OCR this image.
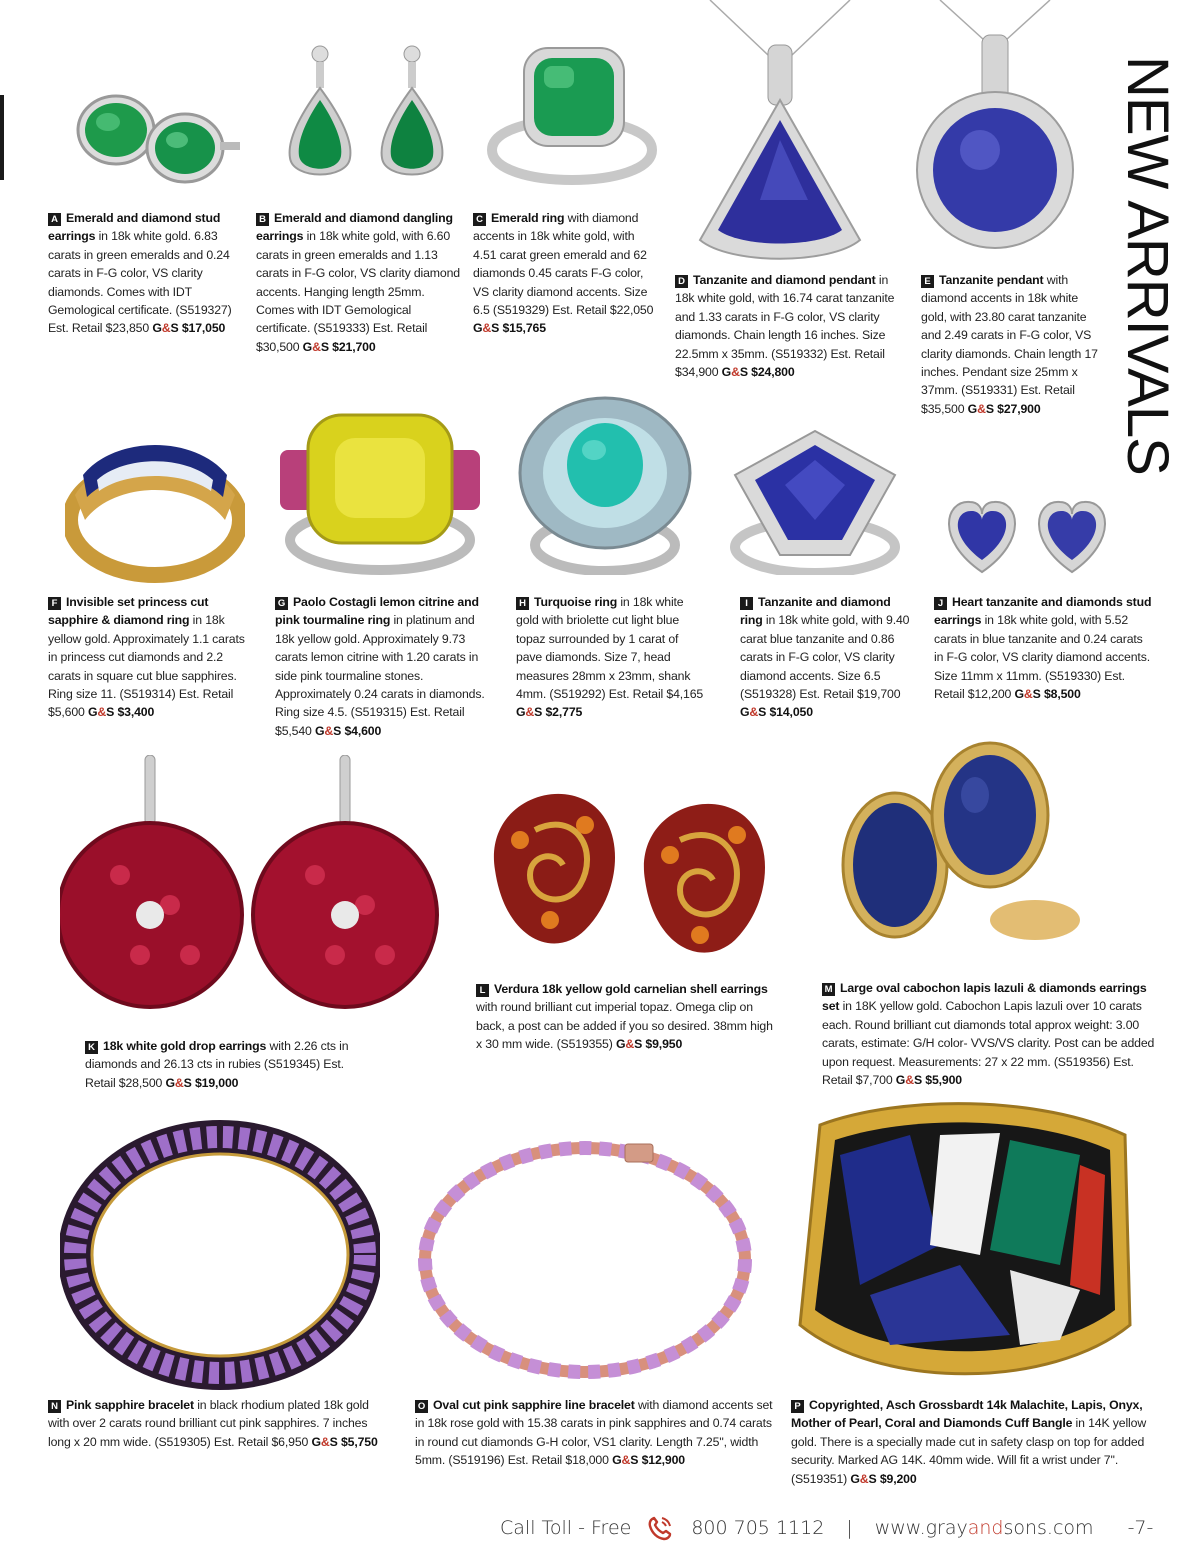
NEW ARRIVALS
A Emerald and diamond stud earrings in 18k white gold. 6.83 carats in green emeralds and 0.24 carats in F-G color, VS clarity diamonds. Comes with IDT Gemological certificate. (S519327) Est. Retail $23,850 G&S $17,050
B Emerald and diamond dangling earrings in 18k white gold, with 6.60 carats in green emeralds and 1.13 carats in F-G color, VS clarity diamond accents. Hanging length 25mm. Comes with IDT Gemological certificate. (S519333) Est. Retail $30,500 G&S $21,700
C Emerald ring with diamond accents in 18k white gold, with 4.51 carat green emerald and 62 diamonds 0.45 carats F-G color, VS clarity diamond accents. Size 6.5 (S519329) Est. Retail $22,050 G&S $15,765
D Tanzanite and diamond pendant in 18k white gold, with 16.74 carat tanzanite and 1.33 carats in F-G color, VS clarity diamonds. Chain length 16 inches. Size 22.5mm x 35mm. (S519332) Est. Retail $34,900 G&S $24,800
E Tanzanite pendant with diamond accents in 18k white gold, with 23.80 carat tanzanite and 2.49 carats in F-G color, VS clarity diamonds. Chain length 17 inches. Pendant size 25mm x 37mm. (S519331) Est. Retail $35,500 G&S $27,900
F Invisible set princess cut sapphire & diamond ring in 18k yellow gold. Approximately 1.1 carats in princess cut diamonds and 2.2 carats in square cut blue sapphires. Ring size 11. (S519314) Est. Retail $5,600 G&S $3,400
G Paolo Costagli lemon citrine and pink tourmaline ring in platinum and 18k yellow gold. Approximately 9.73 carats lemon citrine with 1.20 carats in side pink tourmaline stones. Approximately 0.24 carats in diamonds. Ring size 4.5. (S519315) Est. Retail $5,540 G&S $4,600
H Turquoise ring in 18k white gold with briolette cut light blue topaz surrounded by 1 carat of pave diamonds. Size 7, head measures 28mm x 23mm, shank 4mm. (S519292) Est. Retail $4,165 G&S $2,775
I Tanzanite and diamond ring in 18k white gold, with 9.40 carat blue tanzanite and 0.86 carats in F-G color, VS clarity diamond accents. Size 6.5 (S519328) Est. Retail $19,700 G&S $14,050
J Heart tanzanite and diamonds stud earrings in 18k white gold, with 5.52 carats in blue tanzanite and 0.24 carats in F-G color, VS clarity diamond accents. Size 11mm x 11mm. (S519330) Est. Retail $12,200 G&S $8,500
K 18k white gold drop earrings with 2.26 cts in diamonds and 26.13 cts in rubies (S519345) Est. Retail $28,500 G&S $19,000
L Verdura 18k yellow gold carnelian shell earrings with round brilliant cut imperial topaz. Omega clip on back, a post can be added if you so desired. 38mm high x 30 mm wide. (S519355) G&S $9,950
M Large oval cabochon lapis lazuli & diamonds earrings set in 18K yellow gold. Cabochon Lapis lazuli over 10 carats each. Round brilliant cut diamonds total approx weight: 3.00 carats, estimate: G/H color- VVS/VS clarity. Post can be added upon request. Measurements: 27 x 22 mm. (S519356) Est. Retail $7,700 G&S $5,900
N Pink sapphire bracelet in black rhodium plated 18k gold with over 2 carats round brilliant cut pink sapphires. 7 inches long x 20 mm wide. (S519305) Est. Retail $6,950 G&S $5,750
O Oval cut pink sapphire line bracelet with diamond accents set in 18k rose gold with 15.38 carats in pink sapphires and 0.74 carats in round cut diamonds G-H color, VS1 clarity. Length 7.25'', width 5mm. (S519196) Est. Retail $18,000 G&S $12,900
P Copyrighted, Asch Grossbardt 14k Malachite, Lapis, Onyx, Mother of Pearl, Coral and Diamonds Cuff Bangle in 14K yellow gold. There is a specially made cut in safety clasp on top for added security. Marked AG 14K. 40mm wide. Will fit a wrist under 7''. (S519351) G&S $9,200
Call Toll - Free	800 705 1112 | www.grayandsons.com -7-
